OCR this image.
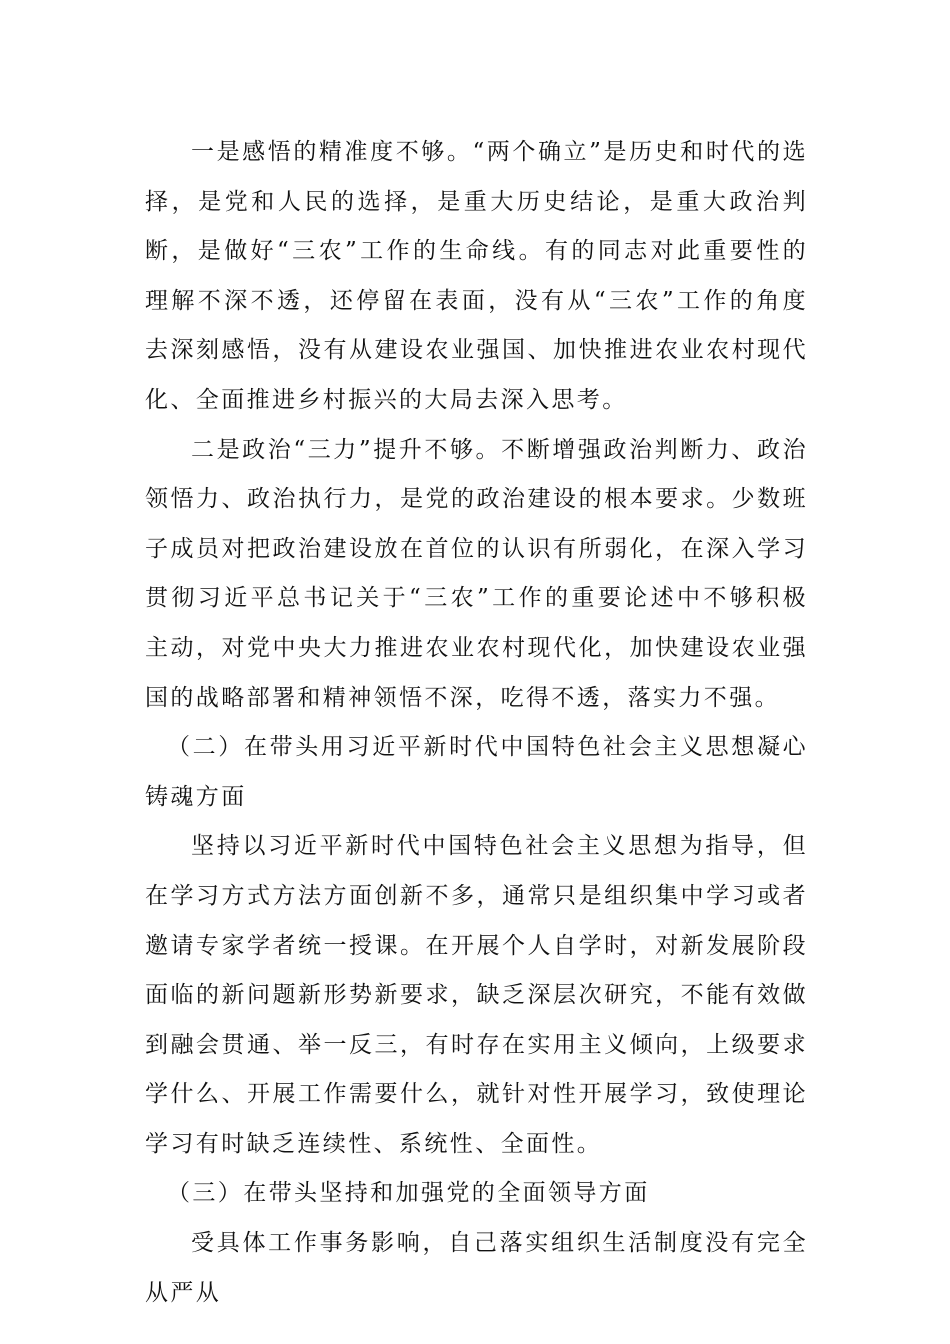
一是感悟的精准度不够。“两个确立”是历史和时代的选择，是党和人民的选择，是重大历史结论，是重大政治判断，是做好“三农”工作的生命线。有的同志对此重要性的理解不深不透，还停留在表面，没有从“三农”工作的角度去深刻感悟，没有从建设农业强国、加快推进农业农村现代化、全面推进乡村振兴的大局去深入思考。

二是政治“三力”提升不够。不断增强政治判断力、政治领悟力、政治执行力，是党的政治建设的根本要求。少数班子成员对把政治建设放在首位的认识有所弱化，在深入学习贯彻习近平总书记关于“三农”工作的重要论述中不够积极主动，对党中央大力推进农业农村现代化，加快建设农业强国的战略部署和精神领悟不深，吃得不透，落实力不强。

（二）在带头用习近平新时代中国特色社会主义思想凝心铸魂方面

坚持以习近平新时代中国特色社会主义思想为指导，但在学习方式方法方面创新不多，通常只是组织集中学习或者邀请专家学者统一授课。在开展个人自学时，对新发展阶段面临的新问题新形势新要求，缺乏深层次研究，不能有效做到融会贯通、举一反三，有时存在实用主义倾向，上级要求学什么、开展工作需要什么，就针对性开展学习，致使理论学习有时缺乏连续性、系统性、全面性。

（三）在带头坚持和加强党的全面领导方面

受具体工作事务影响，自己落实组织生活制度没有完全从严从
